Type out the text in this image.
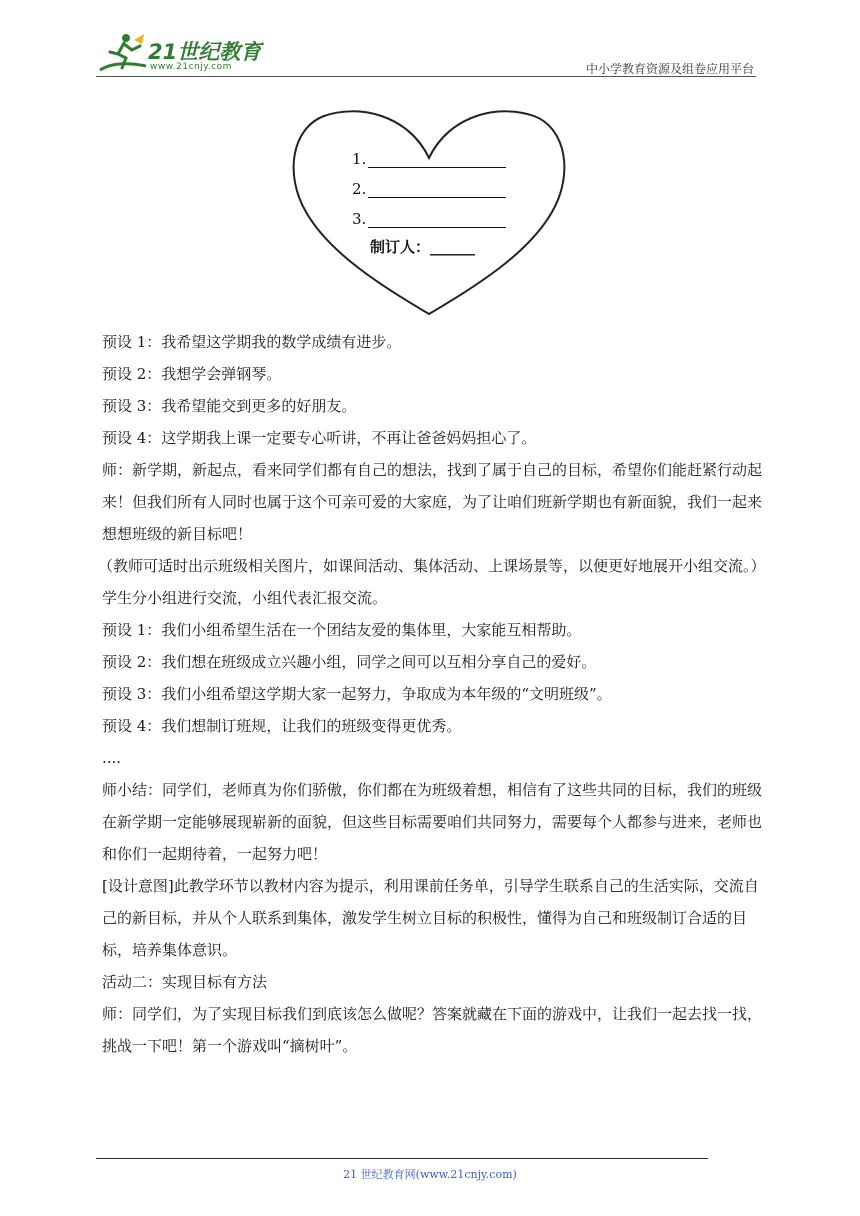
21世纪教育
www.21cnjy.com	中小学教育资源及组卷应用平台
1.
2.
3.
制订人：______

预设 1：我希望这学期我的数学成绩有进步。

预设 2：我想学会弹钢琴。

预设 3：我希望能交到更多的好朋友。

预设 4：这学期我上课一定要专心听讲，不再让爸爸妈妈担心了。

师：新学期，新起点，看来同学们都有自己的想法，找到了属于自己的目标，希望你们能赶紧行动起来！但我们所有人同时也属于这个可亲可爱的大家庭，为了让咱们班新学期也有新面貌，我们一起来想想班级的新目标吧！

（教师可适时出示班级相关图片，如课间活动、集体活动、上课场景等，以便更好地展开小组交流。）

学生分小组进行交流，小组代表汇报交流。

预设 1：我们小组希望生活在一个团结友爱的集体里，大家能互相帮助。

预设 2：我们想在班级成立兴趣小组，同学之间可以互相分享自己的爱好。

预设 3：我们小组希望这学期大家一起努力，争取成为本年级的“文明班级”。

预设 4：我们想制订班规，让我们的班级变得更优秀。

....

师小结：同学们，老师真为你们骄傲，你们都在为班级着想，相信有了这些共同的目标，我们的班级在新学期一定能够展现崭新的面貌，但这些目标需要咱们共同努力，需要每个人都参与进来，老师也和你们一起期待着，一起努力吧！

[设计意图]此教学环节以教材内容为提示，利用课前任务单，引导学生联系自己的生活实际，交流自己的新目标，并从个人联系到集体，激发学生树立目标的积极性，懂得为自己和班级制订合适的目标，培养集体意识。

活动二：实现目标有方法

师：同学们，为了实现目标我们到底该怎么做呢？答案就藏在下面的游戏中，让我们一起去找一找，挑战一下吧！第一个游戏叫“摘树叶”。

21 世纪教育网(www.21cnjy.com)
